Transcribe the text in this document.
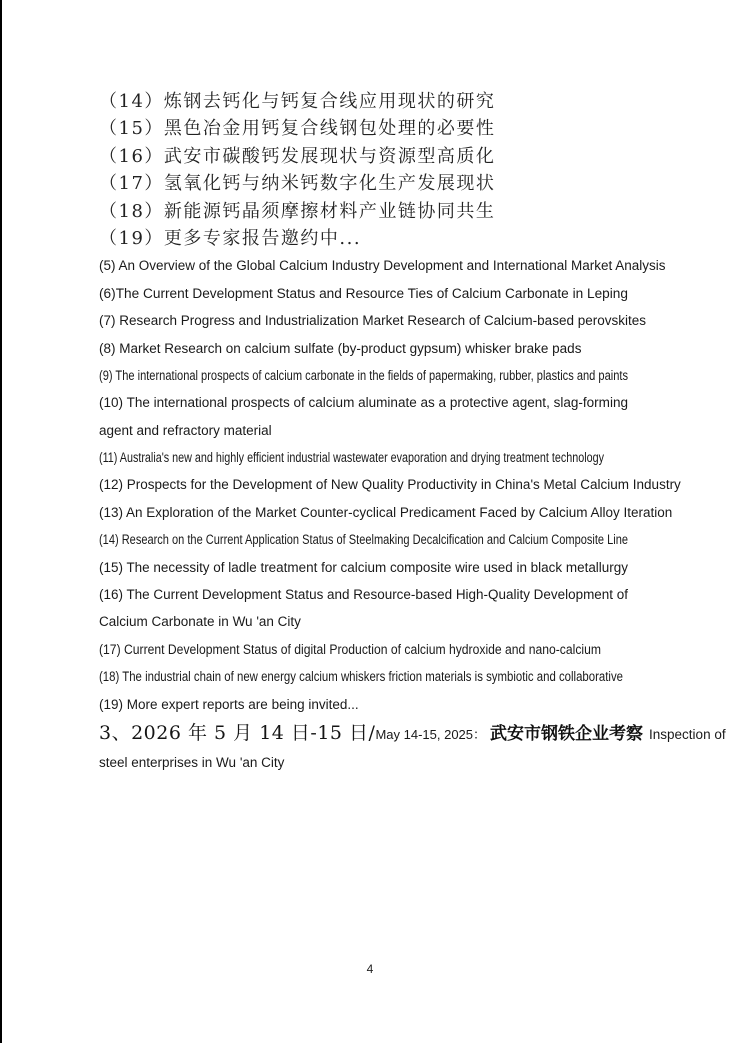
（14）炼钢去钙化与钙复合线应用现状的研究
（15）黑色冶金用钙复合线钢包处理的必要性
（16）武安市碳酸钙发展现状与资源型高质化
（17）氢氧化钙与纳米钙数字化生产发展现状
（18）新能源钙晶须摩擦材料产业链协同共生
（19）更多专家报告邀约中...
(5) An Overview of the Global Calcium Industry Development and International Market Analysis
(6)The Current Development Status and Resource Ties of Calcium Carbonate in Leping
(7) Research Progress and Industrialization Market Research of Calcium-based perovskites
(8) Market Research on calcium sulfate (by-product gypsum) whisker brake pads
(9) The international prospects of calcium carbonate in the fields of papermaking, rubber, plastics and paints
(10) The international prospects of calcium aluminate as a protective agent, slag-forming
agent and refractory material
(11) Australia's new and highly efficient industrial wastewater evaporation and drying treatment technology
(12) Prospects for the Development of New Quality Productivity in China's Metal Calcium Industry
(13) An Exploration of the Market Counter-cyclical Predicament Faced by Calcium Alloy Iteration
(14) Research on the Current Application Status of Steelmaking Decalcification and Calcium Composite Line
(15) The necessity of ladle treatment for calcium composite wire used in black metallurgy
(16) The Current Development Status and Resource-based High-Quality Development of
Calcium Carbonate in Wu 'an City
(17) Current Development Status of digital Production of calcium hydroxide and nano-calcium
(18) The industrial chain of new energy calcium whiskers friction materials is symbiotic and collaborative
(19) More expert reports are being invited...
3、2026 年 5 月 14 日-15 日/May 14-15, 2025： 武安市钢铁企业考察 Inspection of
steel enterprises in Wu 'an City
4
